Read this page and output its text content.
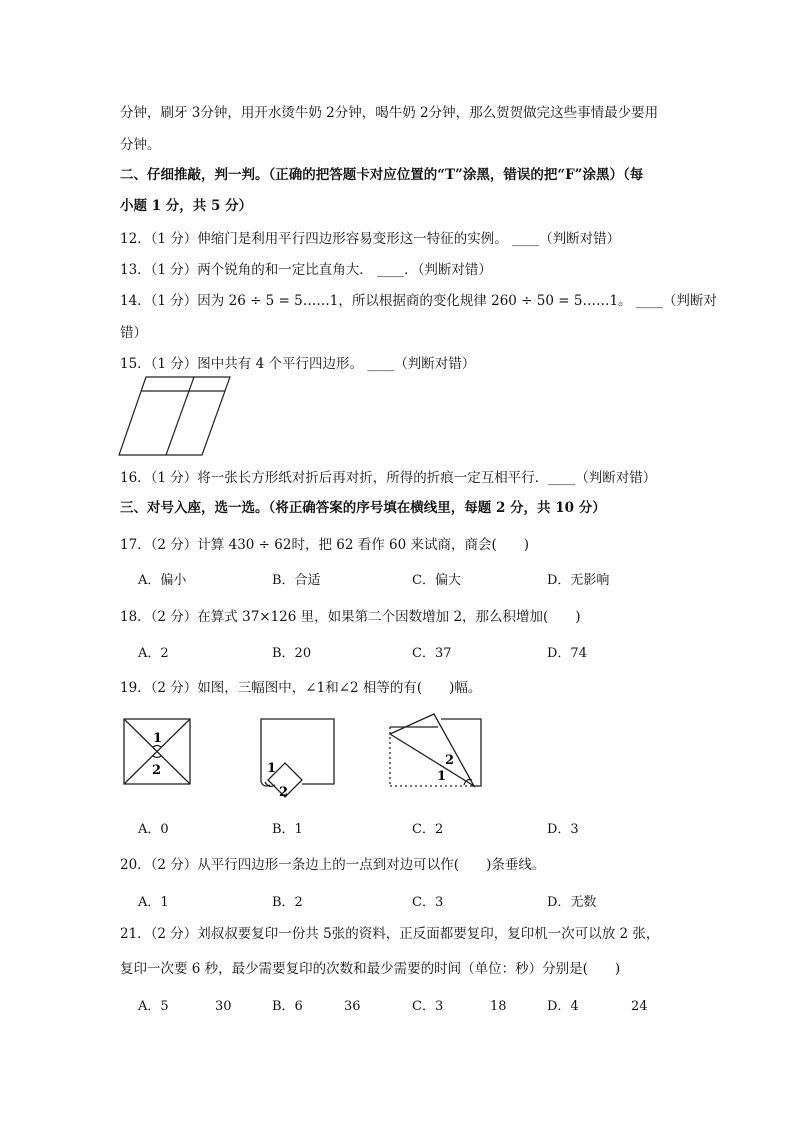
分钟，刷牙 3分钟，用开水烫牛奶 2分钟，喝牛奶 2分钟，那么贺贺做完这些事情最少要用
分钟。
二、仔细推敲，判一判。（正确的把答题卡对应位置的“T”涂黑，错误的把“F”涂黑）（每
小题 1 分，共 5 分）
12．（1 分）伸缩门是利用平行四边形容易变形这一特征的实例。 ____（判断对错）
13．（1 分）两个锐角的和一定比直角大． ____．（判断对错）
14．（1 分）因为 26 ÷ 5 = 5……1，所以根据商的变化规律 260 ÷ 50 = 5……1。 ____（判断对
错）
15．（1 分）图中共有 4 个平行四边形。 ____（判断对错）
16．（1 分）将一张长方形纸对折后再对折，所得的折痕一定互相平行．____（判断对错）
三、对号入座，选一选。（将正确答案的序号填在横线里，每题 2 分，共 10 分）
17．（2 分）计算 430 ÷ 62时，把 62 看作 60 来试商，商会(　　)
A．偏小	B．合适	C．偏大	D．无影响
18．（2 分）在算式 37×126 里，如果第二个因数增加 2，那么积增加(　　)
A．2	B．20	C．37	D．74
19．（2 分）如图，三幅图中，∠1和∠2 相等的有(　　)幅。
1
2	1
2
2
1
A．0	B．1	C．2	D．3
20．（2 分）从平行四边形一条边上的一点到对边可以作(　　)条垂线。
A．1	B．2	C．3	D．无数
21．（2 分）刘叔叔要复印一份共 5张的资料，正反面都要复印，复印机一次可以放 2 张，
复印一次要 6 秒，最少需要复印的次数和最少需要的时间（单位：秒）分别是(　　)
A．5	30	B．6	36	C．3	18	D．4	24
